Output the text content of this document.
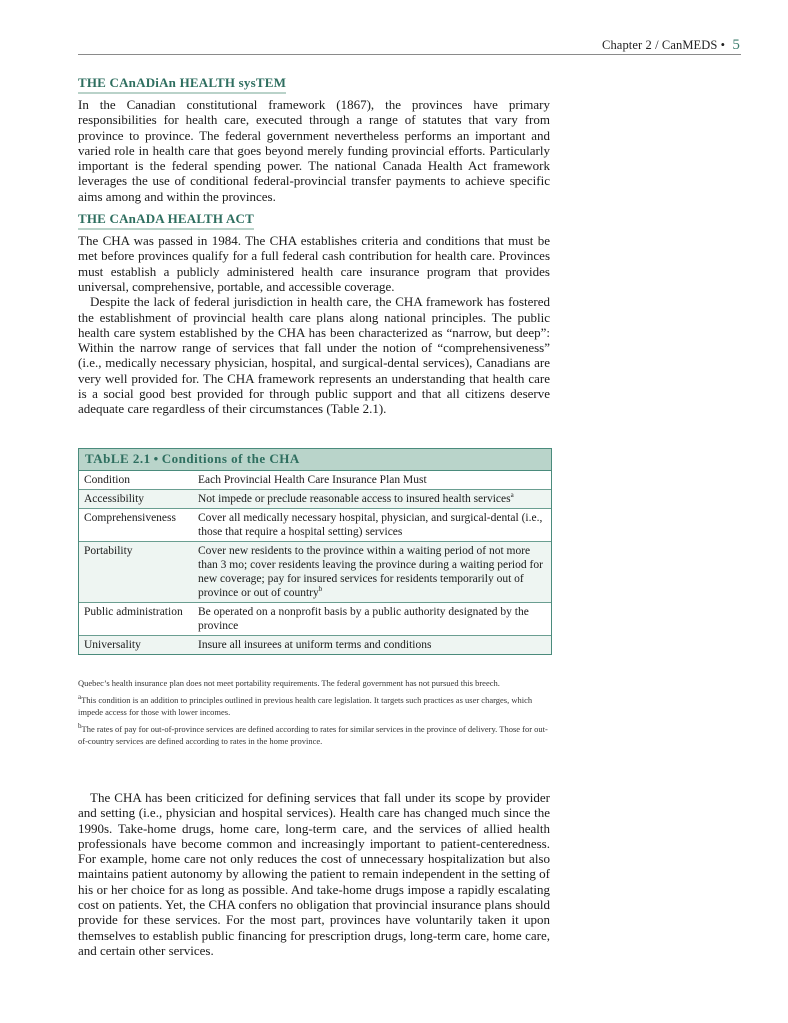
Chapter 2 / CanMEDS • 5
THE CAnADiAn HEALTH sysTEM

In the Canadian constitutional framework (1867), the provinces have primary responsibilities for health care, executed through a range of statutes that vary from province to province. The federal government nevertheless performs an important and varied role in health care that goes beyond merely funding provincial efforts. Particularly important is the federal spending power. The national Canada Health Act framework leverages the use of conditional federal-provincial transfer payments to achieve specific aims among and within the provinces.

THE CAnADA HEALTH ACT

The CHA was passed in 1984. The CHA establishes criteria and conditions that must be met before provinces qualify for a full federal cash contribution for health care. Provinces must establish a publicly administered health care insurance program that provides universal, comprehensive, portable, and accessible coverage.

Despite the lack of federal jurisdiction in health care, the CHA framework has fostered the establishment of provincial health care plans along national principles. The public health care system established by the CHA has been characterized as “narrow, but deep”: Within the narrow range of services that fall under the notion of “comprehensiveness” (i.e., medically necessary physician, hospital, and surgical-dental services), Canadians are very well provided for. The CHA framework represents an understanding that health care is a social good best provided for through public support and that all citizens deserve adequate care regardless of their circumstances (Table 2.1).

TAbLE 2.1 • Conditions of the CHA
Condition	Each Provincial Health Care Insurance Plan Must
Accessibility	Not impede or preclude reasonable access to insured health services$^a$
Comprehensiveness	Cover all medically necessary hospital, physician, and surgical-dental (i.e., those that require a hospital setting) services
Portability	Cover new residents to the province within a waiting period of not more than 3 mo; cover residents leaving the province during a waiting period for new coverage; pay for insured services for residents temporarily out of province or out of country$^b$
Public administration	Be operated on a nonprofit basis by a public authority designated by the province
Universality	Insure all insurees at uniform terms and conditions

Quebec’s health insurance plan does not meet portability requirements. The federal government has not pursued this breech.

$^a$This condition is an addition to principles outlined in previous health care legislation. It targets such practices as user charges, which impede access for those with lower incomes.

$^b$The rates of pay for out-of-province services are defined according to rates for similar services in the province of delivery. Those for out-of-country services are defined according to rates in the home province.

The CHA has been criticized for defining services that fall under its scope by provider and setting (i.e., physician and hospital services). Health care has changed much since the 1990s. Take-home drugs, home care, long-term care, and the services of allied health professionals have become common and increasingly important to patient-centeredness. For example, home care not only reduces the cost of unnecessary hospitalization but also maintains patient autonomy by allowing the patient to remain independent in the setting of his or her choice for as long as possible. And take-home drugs impose a rapidly escalating cost on patients. Yet, the CHA confers no obligation that provincial insurance plans should provide for these services. For the most part, provinces have voluntarily taken it upon themselves to establish public financing for prescription drugs, long-term care, home care, and certain other services.
